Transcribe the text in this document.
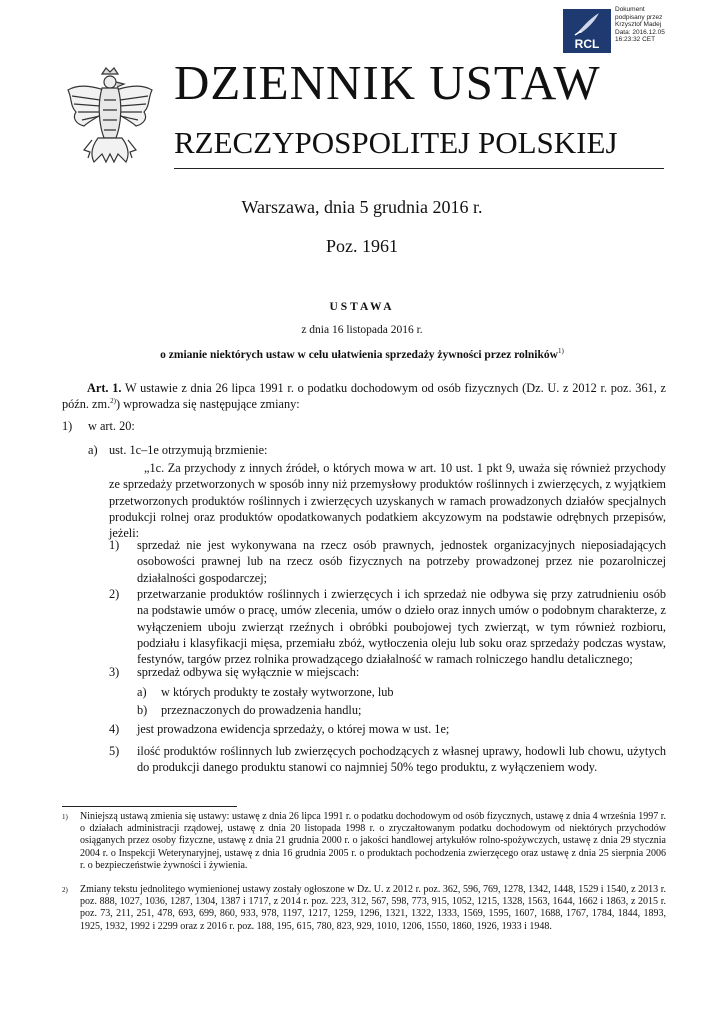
RCL
Dokument
podpisany przez
Krzysztof Madej
Data: 2016.12.05
16:23:32 CET
DZIENNIK USTAW
RZECZYPOSPOLITEJ POLSKIEJ
Warszawa, dnia 5 grudnia 2016 r.
Poz. 1961
USTAWA
z dnia 16 listopada 2016 r.
o zmianie niektórych ustaw w celu ułatwienia sprzedaży żywności przez rolników$^{1)}$
Art. 1. W ustawie z dnia 26 lipca 1991 r. o podatku dochodowym od osób fizycznych (Dz. U. z 2012 r. poz. 361, z późn. zm.$^{2)}$) wprowadza się następujące zmiany:
1) w art. 20:
a) ust. 1c–1e otrzymują brzmienie:
„1c. Za przychody z innych źródeł, o których mowa w art. 10 ust. 1 pkt 9, uważa się również przychody ze sprzedaży przetworzonych w sposób inny niż przemysłowy produktów roślinnych i zwierzęcych, z wyjątkiem przetworzonych produktów roślinnych i zwierzęcych uzyskanych w ramach prowadzonych działów specjalnych produkcji rolnej oraz produktów opodatkowanych podatkiem akcyzowym na podstawie odrębnych przepisów, jeżeli:
1) sprzedaż nie jest wykonywana na rzecz osób prawnych, jednostek organizacyjnych nieposiadających osobowości prawnej lub na rzecz osób fizycznych na potrzeby prowadzonej przez nie pozarolniczej działalności gospodarczej;
2) przetwarzanie produktów roślinnych i zwierzęcych i ich sprzedaż nie odbywa się przy zatrudnieniu osób na podstawie umów o pracę, umów zlecenia, umów o dzieło oraz innych umów o podobnym charakterze, z wyłączeniem uboju zwierząt rzeźnych i obróbki poubojowej tych zwierząt, w tym również rozbioru, podziału i klasyfikacji mięsa, przemiału zbóż, wytłoczenia oleju lub soku oraz sprzedaży podczas wystaw, festynów, targów przez rolnika prowadzącego działalność w ramach rolniczego handlu detalicznego;
3) sprzedaż odbywa się wyłącznie w miejscach:
a) w których produkty te zostały wytworzone, lub
b) przeznaczonych do prowadzenia handlu;
4) jest prowadzona ewidencja sprzedaży, o której mowa w ust. 1e;
5) ilość produktów roślinnych lub zwierzęcych pochodzących z własnej uprawy, hodowli lub chowu, użytych do produkcji danego produktu stanowi co najmniej 50% tego produktu, z wyłączeniem wody.
1) Niniejszą ustawą zmienia się ustawy: ustawę z dnia 26 lipca 1991 r. o podatku dochodowym od osób fizycznych, ustawę z dnia 4 września 1997 r. o działach administracji rządowej, ustawę z dnia 20 listopada 1998 r. o zryczałtowanym podatku dochodowym od niektórych przychodów osiąganych przez osoby fizyczne, ustawę z dnia 21 grudnia 2000 r. o jakości handlowej artykułów rolno-spożywczych, ustawę z dnia 29 stycznia 2004 r. o Inspekcji Weterynaryjnej, ustawę z dnia 16 grudnia 2005 r. o produktach pochodzenia zwierzęcego oraz ustawę z dnia 25 sierpnia 2006 r. o bezpieczeństwie żywności i żywienia.
2) Zmiany tekstu jednolitego wymienionej ustawy zostały ogłoszone w Dz. U. z 2012 r. poz. 362, 596, 769, 1278, 1342, 1448, 1529 i 1540, z 2013 r. poz. 888, 1027, 1036, 1287, 1304, 1387 i 1717, z 2014 r. poz. 223, 312, 567, 598, 773, 915, 1052, 1215, 1328, 1563, 1644, 1662 i 1863, z 2015 r. poz. 73, 211, 251, 478, 693, 699, 860, 933, 978, 1197, 1217, 1259, 1296, 1321, 1322, 1333, 1569, 1595, 1607, 1688, 1767, 1784, 1844, 1893, 1925, 1932, 1992 i 2299 oraz z 2016 r. poz. 188, 195, 615, 780, 823, 929, 1010, 1206, 1550, 1860, 1926, 1933 i 1948.
